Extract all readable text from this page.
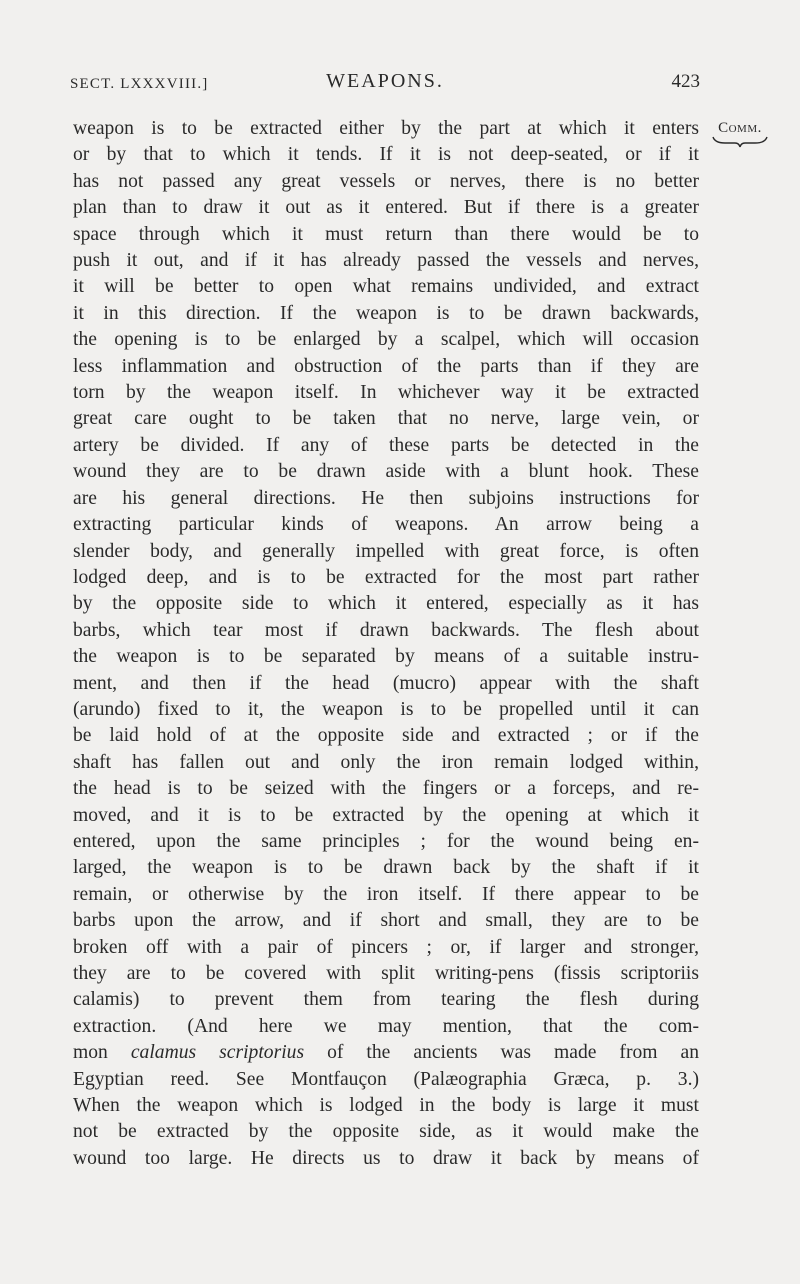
SECT. LXXXVIII.]	WEAPONS.	423
Comm.
weapon is to be extracted either by the part at which it enters
or by that to which it tends. If it is not deep-seated, or if it
has not passed any great vessels or nerves, there is no better
plan than to draw it out as it entered. But if there is a greater
space through which it must return than there would be to
push it out, and if it has already passed the vessels and nerves,
it will be better to open what remains undivided, and extract
it in this direction. If the weapon is to be drawn backwards,
the opening is to be enlarged by a scalpel, which will occasion
less inflammation and obstruction of the parts than if they are
torn by the weapon itself. In whichever way it be extracted
great care ought to be taken that no nerve, large vein, or
artery be divided. If any of these parts be detected in the
wound they are to be drawn aside with a blunt hook. These
are his general directions. He then subjoins instructions for
extracting particular kinds of weapons. An arrow being a
slender body, and generally impelled with great force, is often
lodged deep, and is to be extracted for the most part rather
by the opposite side to which it entered, especially as it has
barbs, which tear most if drawn backwards. The flesh about
the weapon is to be separated by means of a suitable instru-
ment, and then if the head (mucro) appear with the shaft
(arundo) fixed to it, the weapon is to be propelled until it can
be laid hold of at the opposite side and extracted ; or if the
shaft has fallen out and only the iron remain lodged within,
the head is to be seized with the fingers or a forceps, and re-
moved, and it is to be extracted by the opening at which it
entered, upon the same principles ; for the wound being en-
larged, the weapon is to be drawn back by the shaft if it
remain, or otherwise by the iron itself. If there appear to be
barbs upon the arrow, and if short and small, they are to be
broken off with a pair of pincers ; or, if larger and stronger,
they are to be covered with split writing-pens (fissis scriptoriis
calamis) to prevent them from tearing the flesh during
extraction. (And here we may mention, that the com-
mon calamus scriptorius of the ancients was made from an
Egyptian reed. See Montfauçon (Palæographia Græca, p. 3.)
When the weapon which is lodged in the body is large it must
not be extracted by the opposite side, as it would make the
wound too large. He directs us to draw it back by means of
